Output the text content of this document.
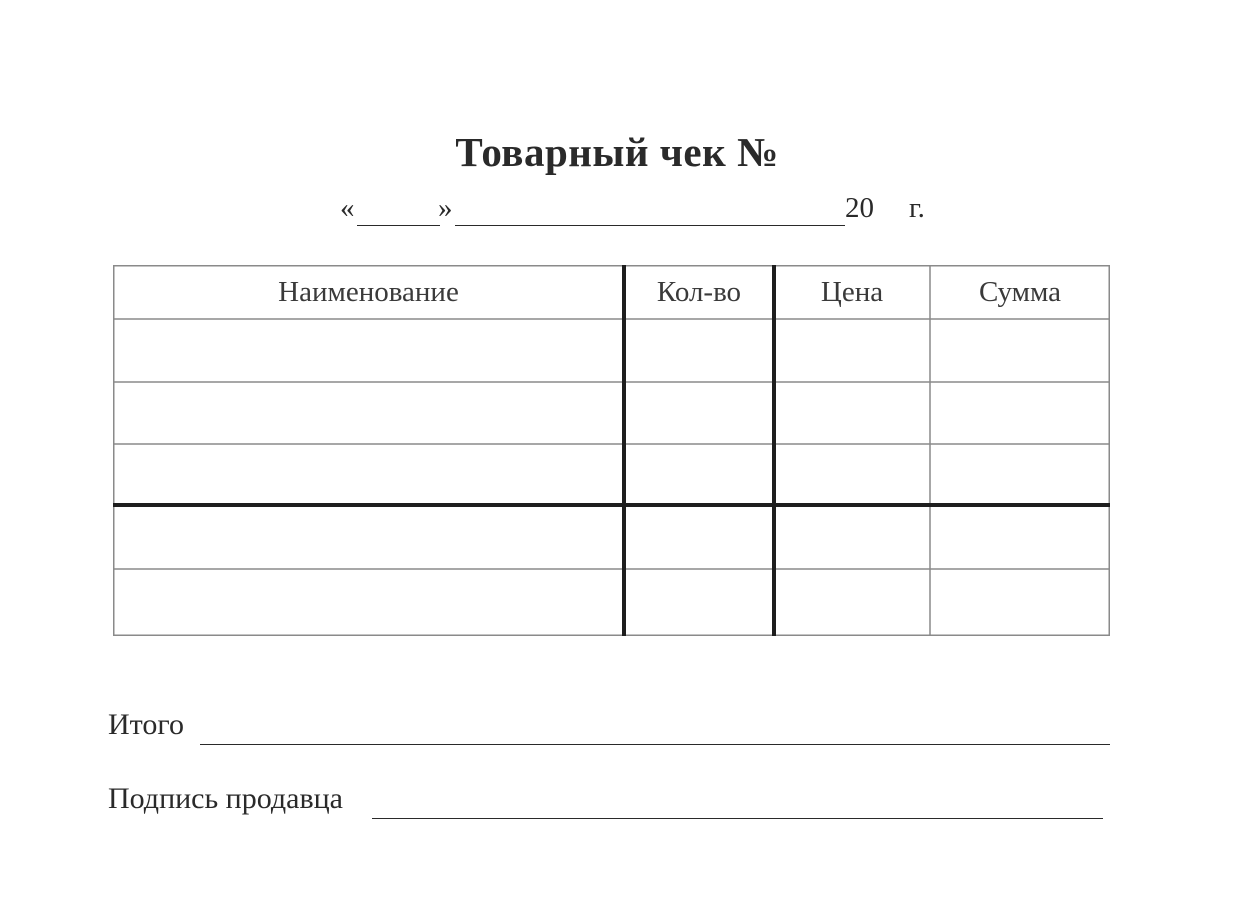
Товарный чек №
«	»	20 г.
Наименование	Кол-во	Цена	Сумма
Итого
Подпись продавца
